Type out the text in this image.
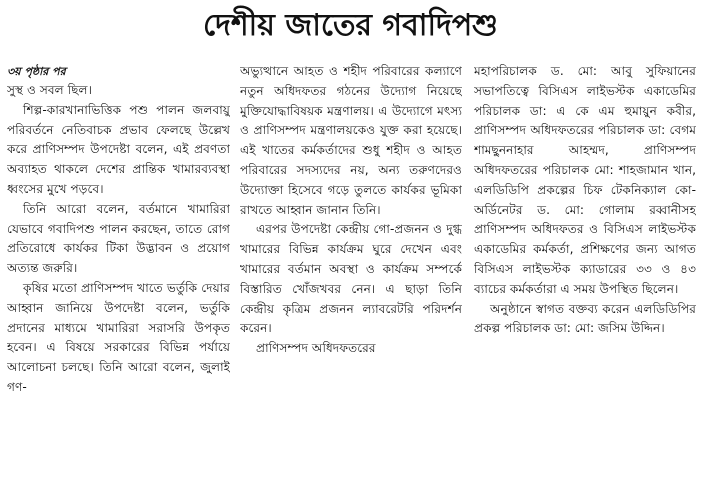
দেশীয় জাতের গবাদিপশু
৩য় পৃষ্ঠার পর

সুস্থ ও সবল ছিল।

শিল্প-কারখানাভিত্তিক পশু পালন জলবায়ু পরিবর্তনে নেতিবাচক প্রভাব ফেলছে উল্লেখ করে প্রাণিসম্পদ উপদেষ্টা বলেন, এই প্রবণতা অব্যাহত থাকলে দেশের প্রান্তিক খামারব্যবস্থা ধ্বংসের মুখে পড়বে।

তিনি আরো বলেন, বর্তমানে খামারিরা যেভাবে গবাদিপশু পালন করছেন, তাতে রোগ প্রতিরোধে কার্যকর টিকা উদ্ভাবন ও প্রয়োগ অত্যন্ত জরুরি।

কৃষির মতো প্রাণিসম্পদ খাতে ভর্তুকি দেয়ার আহ্বান জানিয়ে উপদেষ্টা বলেন, ভর্তুকি প্রদানের মাধ্যমে খামারিরা সরাসরি উপকৃত হবেন। এ বিষয়ে সরকারের বিভিন্ন পর্যায়ে আলোচনা চলছে। তিনি আরো বলেন, জুলাই গণ-

অভ্যুত্থানে আহত ও শহীদ পরিবারের কল্যাণে নতুন অধিদফতর গঠনের উদ্যোগ নিয়েছে মুক্তিযোদ্ধাবিষয়ক মন্ত্রণালয়। এ উদ্যোগে মৎস্য ও প্রাণিসম্পদ মন্ত্রণালয়কেও যুক্ত করা হয়েছে। এই খাতের কর্মকর্তাদের শুধু শহীদ ও আহত পরিবারের সদস্যদের নয়, অন্য তরুণদেরও উদ্যোক্তা হিসেবে গড়ে তুলতে কার্যকর ভূমিকা রাখতে আহ্বান জানান তিনি।

এরপর উপদেষ্টা কেন্দ্রীয় গো-প্রজনন ও দুগ্ধ খামারের বিভিন্ন কার্যক্রম ঘুরে দেখেন এবং খামারের বর্তমান অবস্থা ও কার্যক্রম সম্পর্কে বিস্তারিত খোঁজখবর নেন। এ ছাড়া তিনি কেন্দ্রীয় কৃত্রিম প্রজনন ল্যাবরেটরি পরিদর্শন করেন।

প্রাণিসম্পদ অধিদফতরের

মহাপরিচালক ড. মো: আবু সুফিয়ানের সভাপতিত্বে বিসিএস লাইভস্টক একাডেমির পরিচালক ডা: এ কে এম হুমায়ুন কবীর, প্রাণিসম্পদ অধিদফতরের পরিচালক ডা: বেগম শামছুননাহার আহম্মদ, প্রাণিসম্পদ অধিদফতরের পরিচালক মো: শাহজামান খান, এলডিডিপি প্রকল্পের চিফ টেকনিক্যাল কো-অর্ডিনেটর ড. মো: গোলাম রব্বানীসহ প্রাণিসম্পদ অধিদফতর ও বিসিএস লাইভস্টক একাডেমির কর্মকর্তা, প্রশিক্ষণের জন্য আগত বিসিএস লাইভস্টক ক্যাডারের ৩৩ ও ৪৩ ব্যাচের কর্মকর্তারা এ সময় উপস্থিত ছিলেন।

অনুষ্ঠানে স্বাগত বক্তব্য করেন এলডিডিপির প্রকল্প পরিচালক ডা: মো: জসিম উদ্দিন।
